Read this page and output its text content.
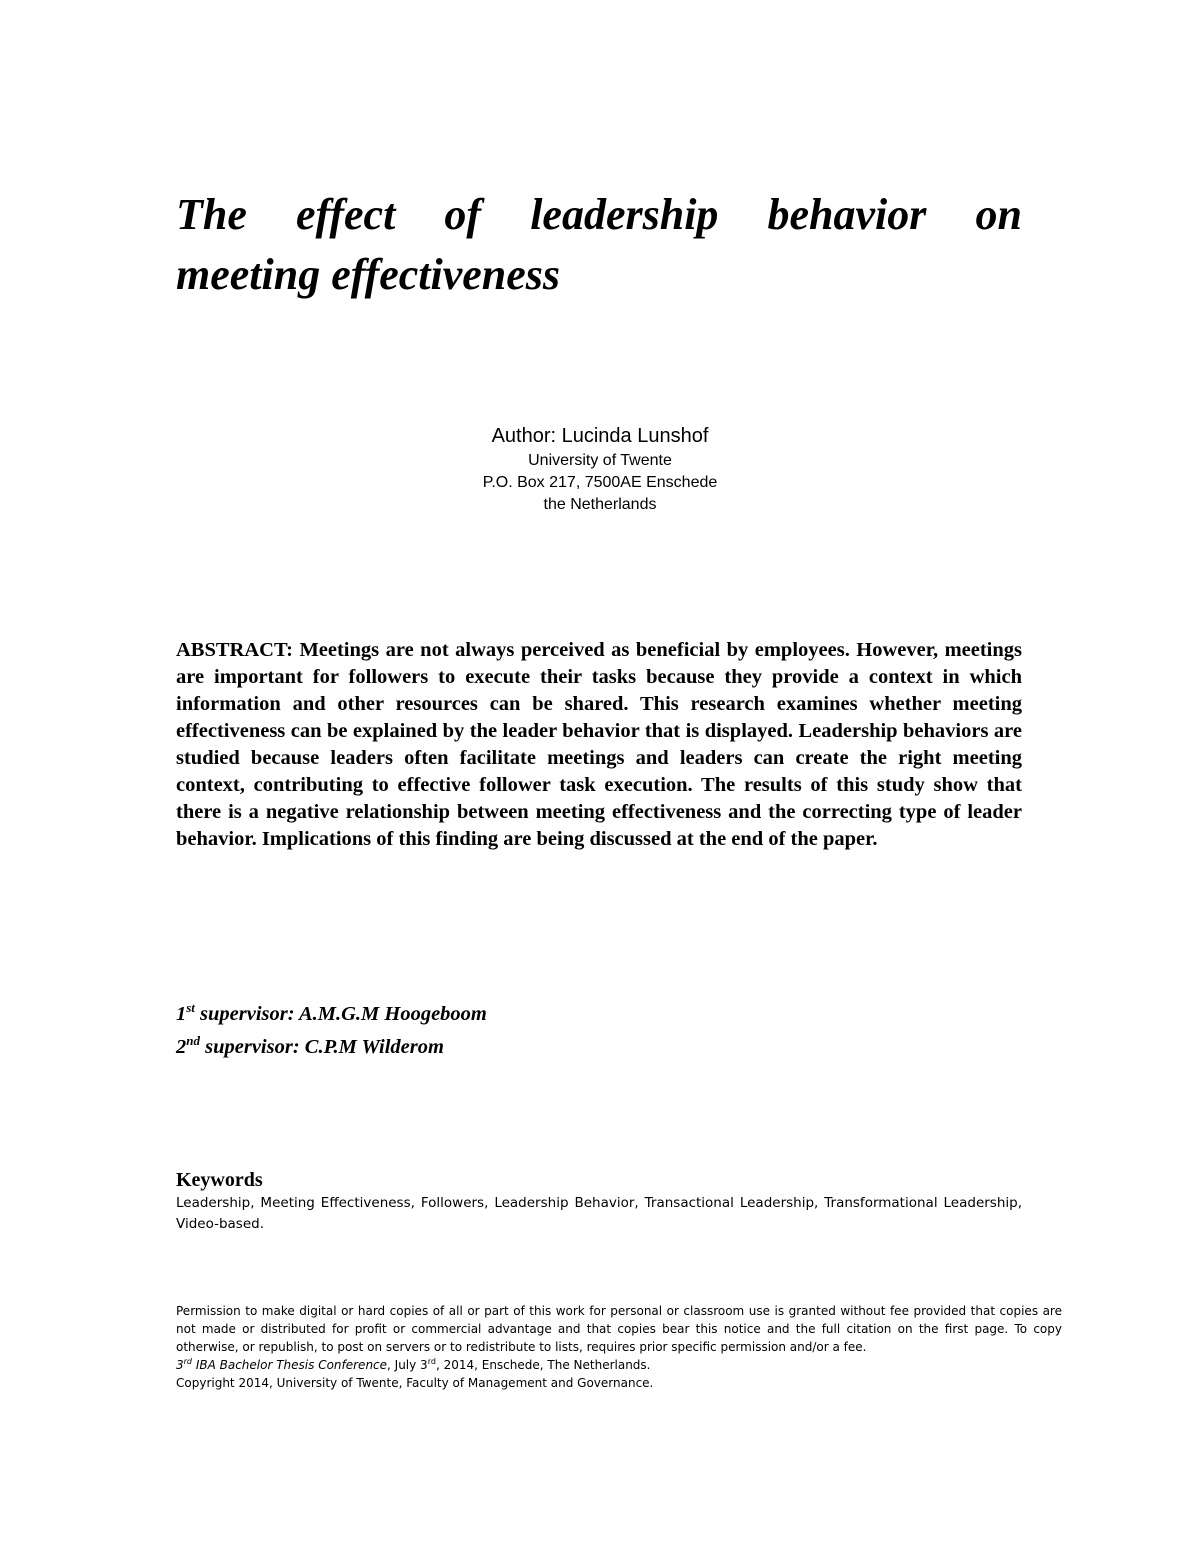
The effect of leadership behavior on
meeting effectiveness
Author: Lucinda Lunshof
University of Twente
P.O. Box 217, 7500AE Enschede
the Netherlands

ABSTRACT: Meetings are not always perceived as beneficial by employees. However, meetings are important for followers to execute their tasks because they provide a context in which information and other resources can be shared. This research examines whether meeting effectiveness can be explained by the leader behavior that is displayed. Leadership behaviors are studied because leaders often facilitate meetings and leaders can create the right meeting context, contributing to effective follower task execution. The results of this study show that there is a negative relationship between meeting effectiveness and the correcting type of leader behavior. Implications of this finding are being discussed at the end of the paper.

1st supervisor: A.M.G.M Hoogeboom
2nd supervisor: C.P.M Wilderom
Keywords
Leadership, Meeting Effectiveness, Followers, Leadership Behavior, Transactional Leadership, Transformational Leadership, Video-based.
Permission to make digital or hard copies of all or part of this work for personal or classroom use is granted without fee provided that copies are not made or distributed for profit or commercial advantage and that copies bear this notice and the full citation on the first page. To copy otherwise, or republish, to post on servers or to redistribute to lists, requires prior specific permission and/or a fee.
3rd IBA Bachelor Thesis Conference, July 3rd, 2014, Enschede, The Netherlands.
Copyright 2014, University of Twente, Faculty of Management and Governance.
